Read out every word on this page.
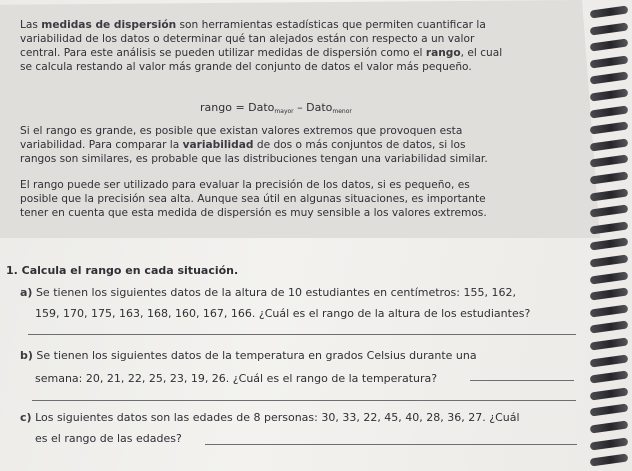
Las medidas de dispersión son herramientas estadísticas que permiten cuantificar la
variabilidad de los datos o determinar qué tan alejados están con respecto a un valor
central. Para este análisis se pueden utilizar medidas de dispersión como el rango, el cual
se calcula restando al valor más grande del conjunto de datos el valor más pequeño.
rango = Dato$_{mayor}$ – Dato$_{menor}$
Si el rango es grande, es posible que existan valores extremos que provoquen esta
variabilidad. Para comparar la variabilidad de dos o más conjuntos de datos, si los
rangos son similares, es probable que las distribuciones tengan una variabilidad similar.
El rango puede ser utilizado para evaluar la precisión de los datos, si es pequeño, es
posible que la precisión sea alta. Aunque sea útil en algunas situaciones, es importante
tener en cuenta que esta medida de dispersión es muy sensible a los valores extremos.
1. Calcula el rango en cada situación.
a) Se tienen los siguientes datos de la altura de 10 estudiantes en centímetros: 155, 162,
159, 170, 175, 163, 168, 160, 167, 166. ¿Cuál es el rango de la altura de los estudiantes?
b) Se tienen los siguientes datos de la temperatura en grados Celsius durante una
semana: 20, 21, 22, 25, 23, 19, 26. ¿Cuál es el rango de la temperatura?
c) Los siguientes datos son las edades de 8 personas: 30, 33, 22, 45, 40, 28, 36, 27. ¿Cuál
es el rango de las edades?
